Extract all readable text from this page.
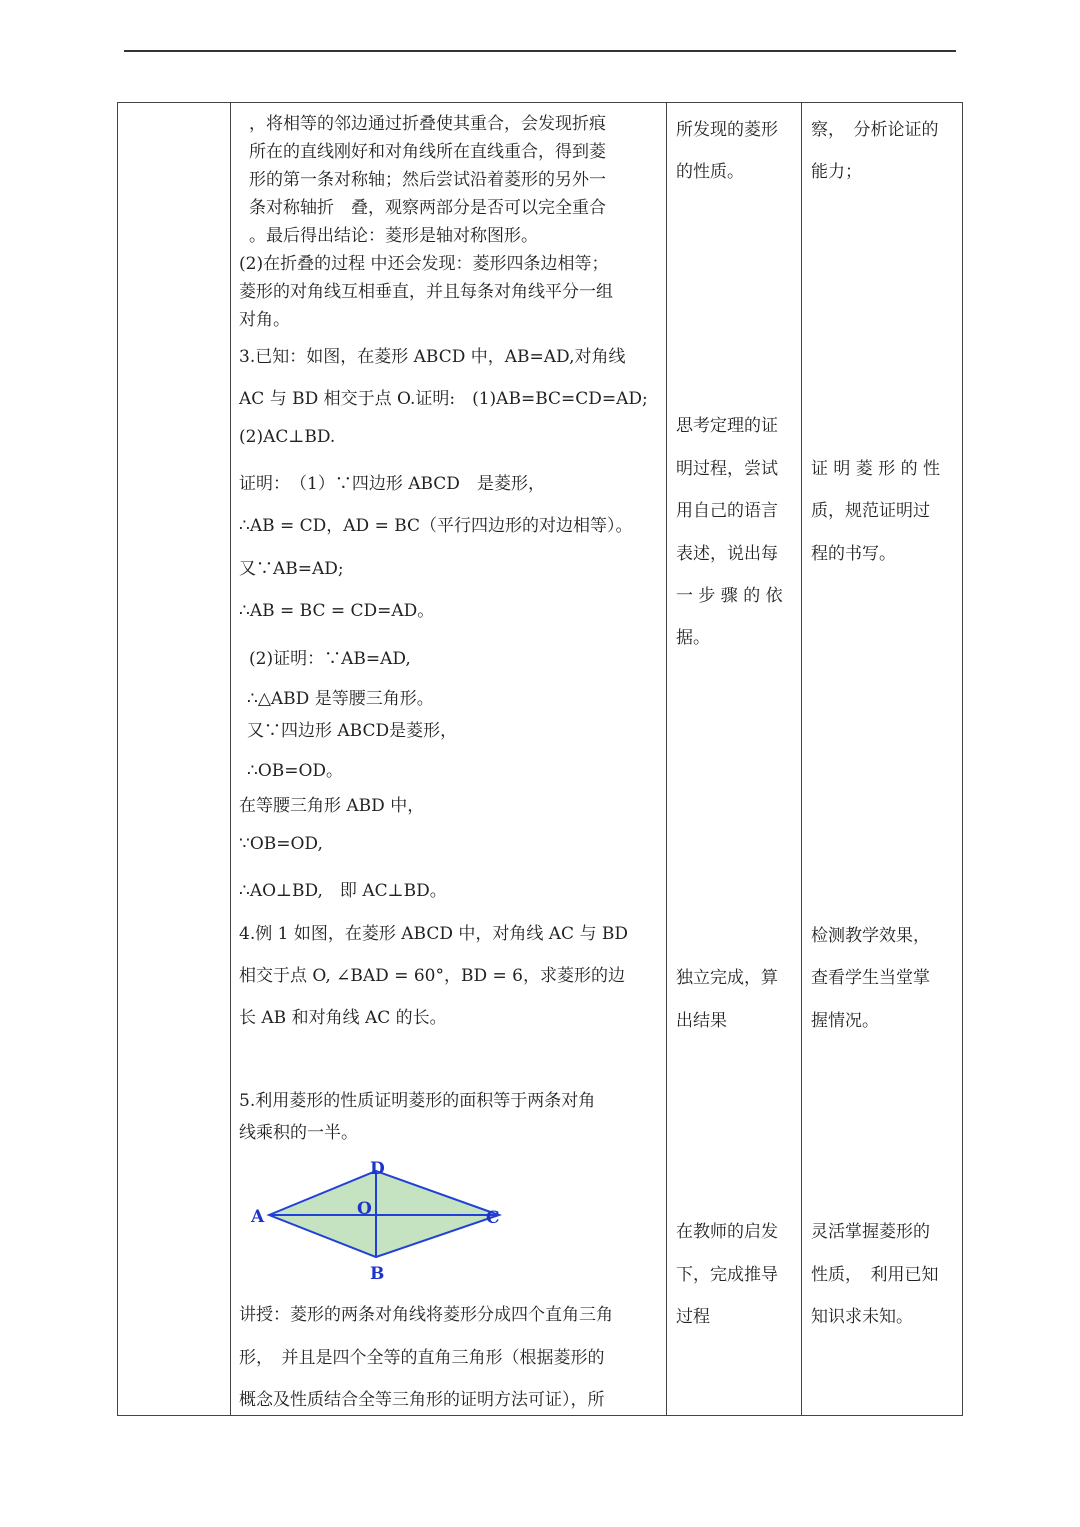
，将相等的邻边通过折叠使其重合，会发现折痕
所在的直线刚好和对角线所在直线重合，得到菱
形的第一条对称轴；然后尝试沿着菱形的另外一
条对称轴折　叠，观察两部分是否可以完全重合
。最后得出结论：菱形是轴对称图形。
(2)在折叠的过程 中还会发现：菱形四条边相等；
菱形的对角线互相垂直，并且每条对角线平分一组
对角。
3.已知：如图，在菱形 ABCD 中，AB=AD,对角线
AC 与 BD 相交于点 O.证明:　(1)AB=BC=CD=AD;
(2)AC⊥BD.
证明：　（1）∵四边形 ABCD　是菱形，
∴AB = CD，AD = BC（平行四边形的对边相等）。
又∵AB=AD;
∴AB = BC = CD=AD。
(2)证明：∵AB=AD,
∴△ABD 是等腰三角形。
又∵四边形 ABCD是菱形，
∴OB=OD。
在等腰三角形 ABD 中，
∵OB=OD,
∴AO⊥BD,　即 AC⊥BD。
4.例 1 如图，在菱形 ABCD 中，对角线 AC 与 BD
相交于点 O, ∠BAD = 60°，BD = 6，求菱形的边
长 AB 和对角线 AC 的长。
5.利用菱形的性质证明菱形的面积等于两条对角
线乘积的一半。
A
B
C
D
O
讲授：菱形的两条对角线将菱形分成四个直角三角
形，　并且是四个全等的直角三角形（根据菱形的
概念及性质结合全等三角形的证明方法可证），所
所发现的菱形
的性质。
思考定理的证
明过程，尝试
用自己的语言
表述，说出每
一 步 骤 的 依
据。
独立完成，算
出结果
在教师的启发
下，完成推导
过程
察，　分析论证的
能力；
证 明 菱 形 的 性
质，规范证明过
程的书写。
检测教学效果，
查看学生当堂掌
握情况。
灵活掌握菱形的
性质，　利用已知
知识求未知。
